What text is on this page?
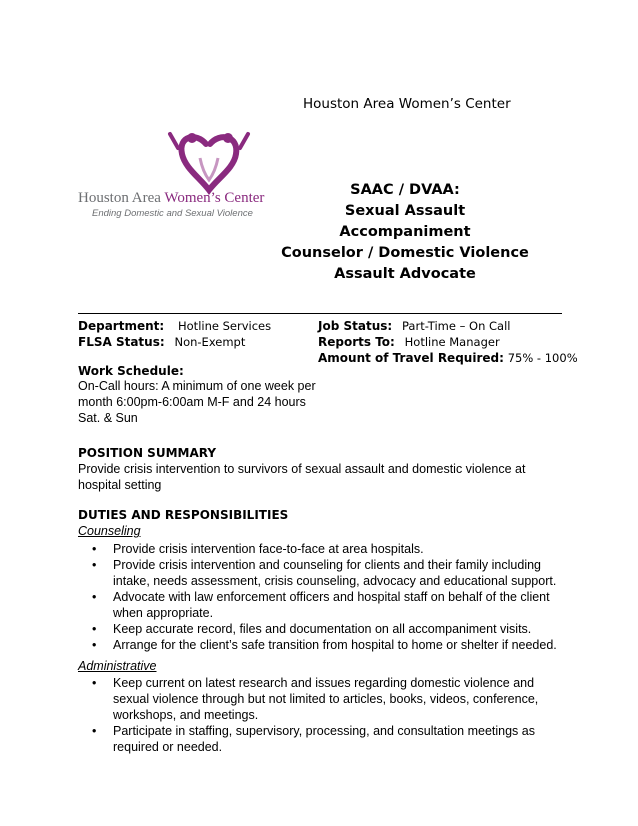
Houston Area Women’s Center
Houston Area Women’s Center
Ending Domestic and Sexual Violence
SAAC / DVAA:
Sexual Assault Accompaniment
Counselor / Domestic Violence
Assault Advocate
Department: Hotline Services
FLSA Status: Non-Exempt
Job Status: Part-Time – On Call
Reports To: Hotline Manager
Amount of Travel Required: 75% - 100%
Work Schedule:
On-Call hours: A minimum of one week per
month 6:00pm-6:00am M-F and 24 hours
Sat. & Sun
POSITION SUMMARY
Provide crisis intervention to survivors of sexual assault and domestic violence at
hospital setting
DUTIES AND RESPONSIBILITIES
Counseling
• Provide crisis intervention face-to-face at area hospitals.
• Provide crisis intervention and counseling for clients and their family including
intake, needs assessment, crisis counseling, advocacy and educational support.
• Advocate with law enforcement officers and hospital staff on behalf of the client
when appropriate.
• Keep accurate record, files and documentation on all accompaniment visits.
• Arrange for the client’s safe transition from hospital to home or shelter if needed.
Administrative
• Keep current on latest research and issues regarding domestic violence and
sexual violence through but not limited to articles, books, videos, conference,
workshops, and meetings.
• Participate in staffing, supervisory, processing, and consultation meetings as
required or needed.
